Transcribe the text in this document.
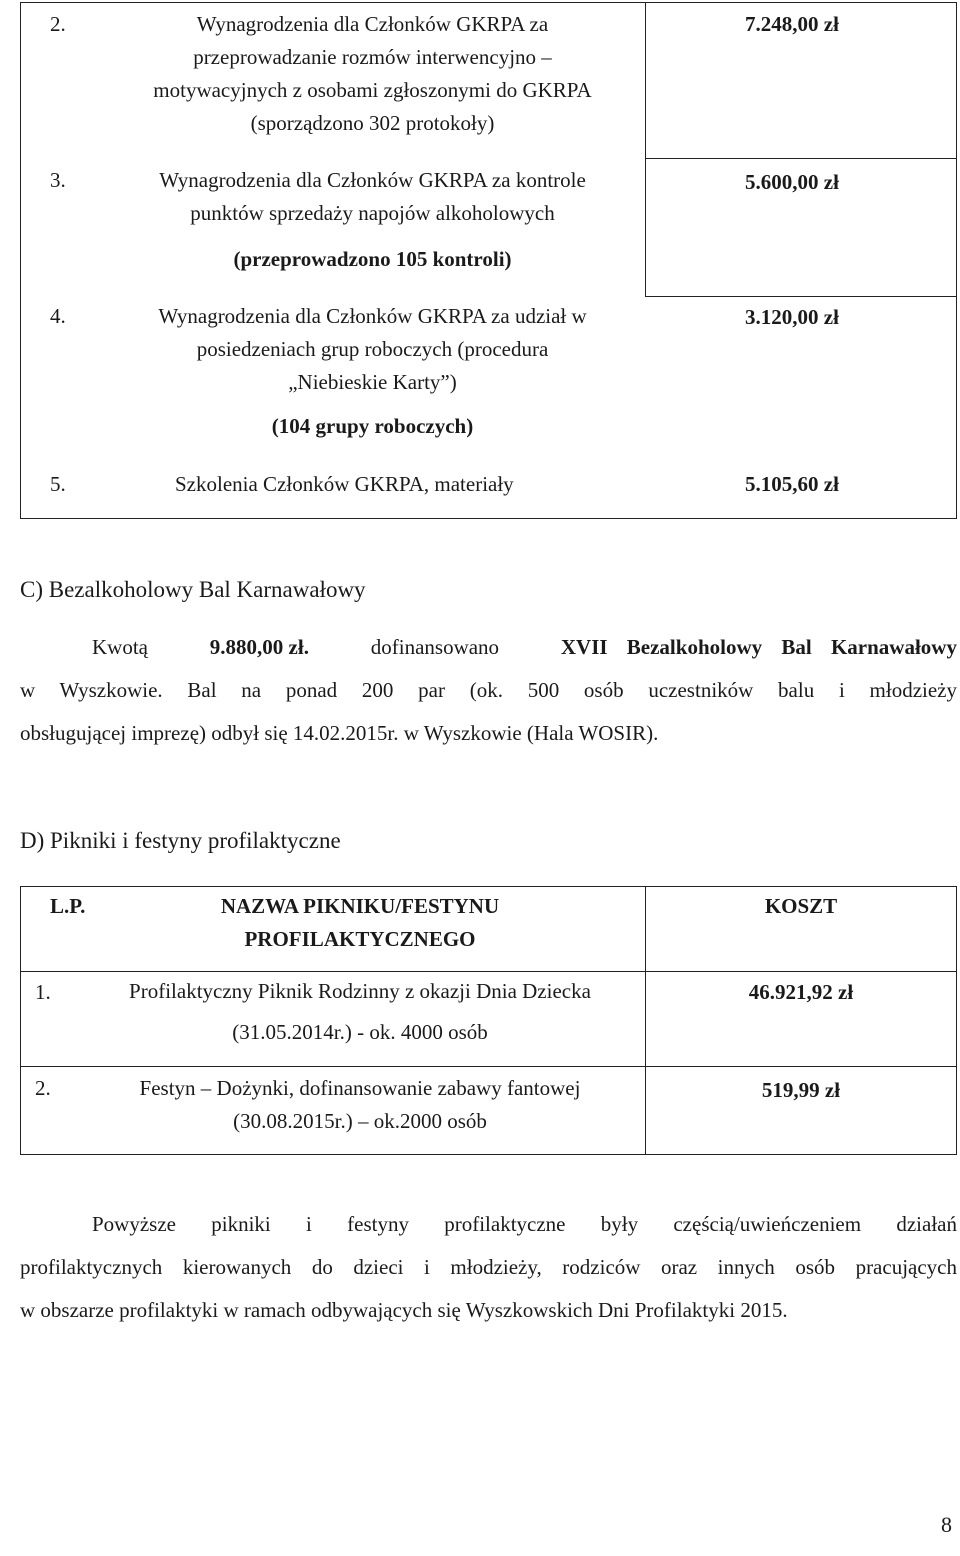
2.	Wynagrodzenia dla Członków GKRPA za
przeprowadzanie rozmów interwencyjno –
motywacyjnych z osobami zgłoszonymi do GKRPA
(sporządzono 302 protokoły)
7.248,00 zł
3.	Wynagrodzenia dla Członków GKRPA za kontrole
punktów sprzedaży napojów alkoholowych
(przeprowadzono 105 kontroli)
5.600,00 zł
4.	Wynagrodzenia dla Członków GKRPA za udział w
posiedzeniach grup roboczych (procedura
„Niebieskie Karty”)
(104 grupy roboczych)
3.120,00 zł
5.	Szkolenia Członków GKRPA, materiały	5.105,60 zł
C) Bezalkoholowy Bal Karnawałowy
Kwotą	9.880,00 zł.	dofinansowano	XVII Bezalkoholowy Bal Karnawałowy
w Wyszkowie. Bal na ponad 200 par (ok. 500 osób uczestników balu i młodzieży
obsługującej imprezę) odbył się 14.02.2015r. w Wyszkowie (Hala WOSIR).
D) Pikniki i festyny profilaktyczne
L.P.	NAZWA PIKNIKU/FESTYNU
PROFILAKTYCZNEGO
KOSZT
1.	Profilaktyczny Piknik Rodzinny z okazji Dnia Dziecka
(31.05.2014r.) - ok. 4000 osób
46.921,92 zł
2.	Festyn – Dożynki, dofinansowanie zabawy fantowej
(30.08.2015r.) – ok.2000 osób
519,99 zł
Powyższe pikniki i festyny profilaktyczne były częścią/uwieńczeniem działań
profilaktycznych kierowanych do dzieci i młodzieży, rodziców oraz innych osób pracujących
w obszarze profilaktyki w ramach odbywających się Wyszkowskich Dni Profilaktyki 2015.
8
